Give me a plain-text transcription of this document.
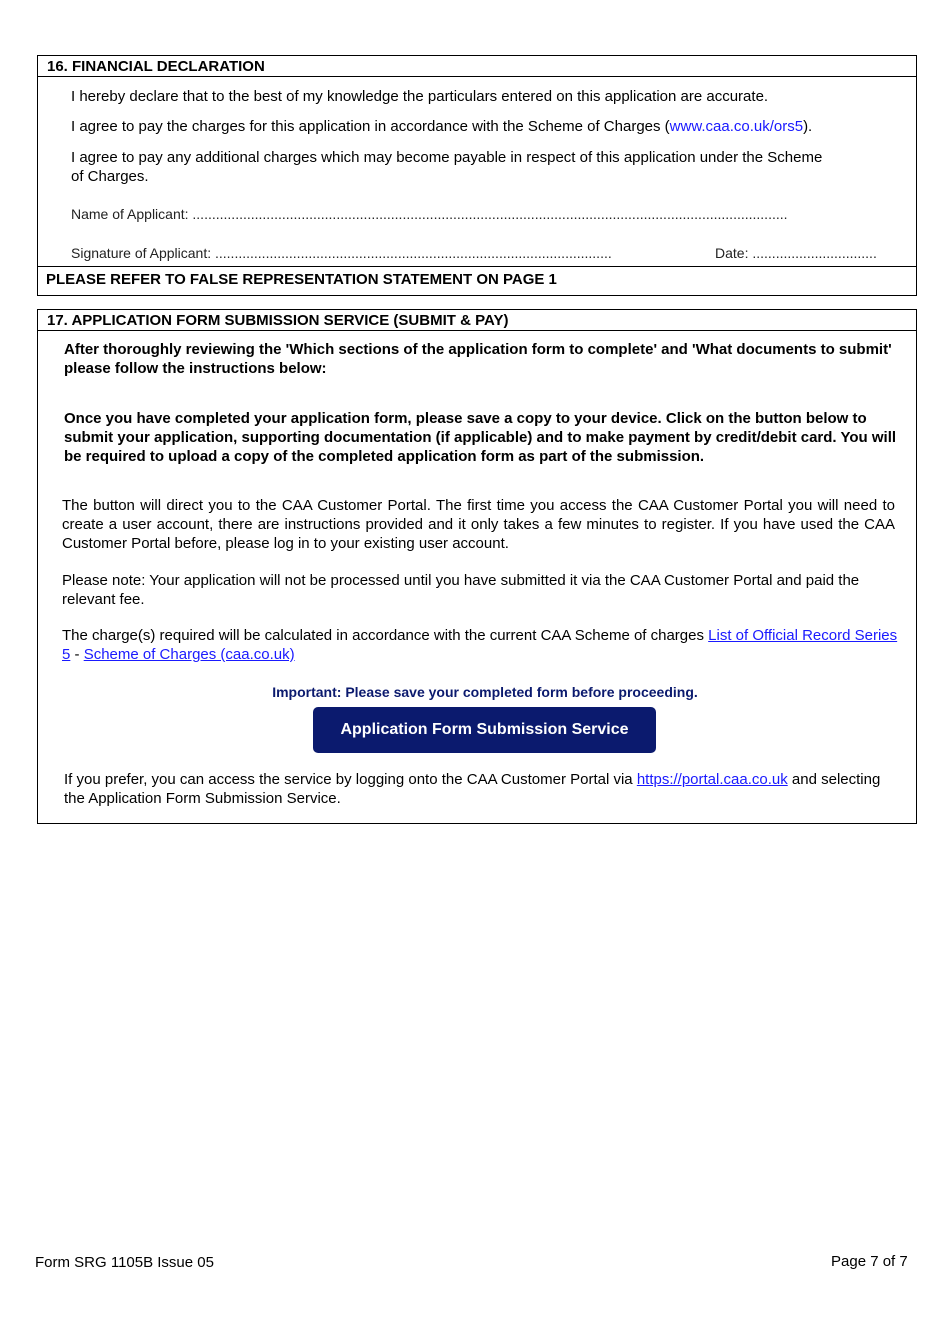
16. FINANCIAL DECLARATION
I hereby declare that to the best of my knowledge the particulars entered on this application are accurate.
I agree to pay the charges for this application in accordance with the Scheme of Charges (www.caa.co.uk/ors5).
I agree to pay any additional charges which may become payable in respect of this application under the Scheme
of Charges.
Name of Applicant: .........................................................................................................................................................
Signature of Applicant: ......................................................................................................	Date: ................................
PLEASE REFER TO FALSE REPRESENTATION STATEMENT ON PAGE 1
17. APPLICATION FORM SUBMISSION SERVICE (SUBMIT & PAY)
After thoroughly reviewing the 'Which sections of the application form to complete' and 'What documents to submit' please follow the instructions below:
Once you have completed your application form, please save a copy to your device. Click on the button below to submit your application, supporting documentation (if applicable) and to make payment by credit/debit card. You will be required to upload a copy of the completed application form as part of the submission.
The button will direct you to the CAA Customer Portal. The first time you access the CAA Customer Portal you will need to create a user account, there are instructions provided and it only takes a few minutes to register. If you have used the CAA Customer Portal before, please log in to your existing user account.
Please note: Your application will not be processed until you have submitted it via the CAA Customer Portal and paid the relevant fee.
The charge(s) required will be calculated in accordance with the current CAA Scheme of charges List of Official Record Series 5 - Scheme of Charges (caa.co.uk)
Important: Please save your completed form before proceeding.
Application Form Submission Service
If you prefer, you can access the service by logging onto the CAA Customer Portal via https://portal.caa.co.uk and selecting the Application Form Submission Service.
Form SRG 1105B Issue 05	Page 7 of 7
